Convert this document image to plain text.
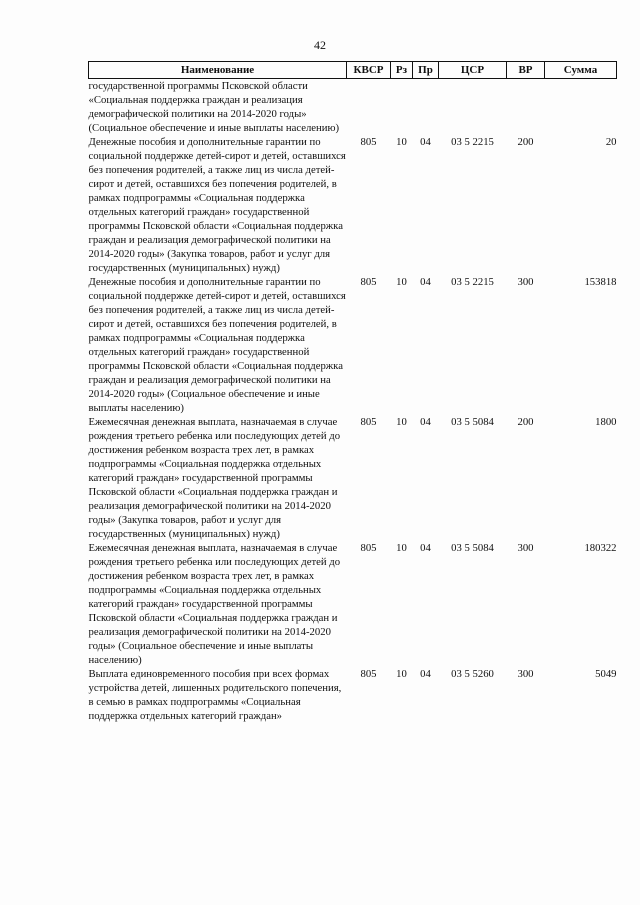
42
Наименование	КВСР	Рз	Пр	ЦСР	ВР	Сумма
государственной программы Псковской области «Социальная поддержка граждан и реализация демографической политики на 2014-2020 годы» (Социальное обеспечение и иные выплаты населению)						
Денежные пособия и дополнительные гарантии по социальной поддержке детей-сирот и детей, оставшихся без попечения родителей, а также лиц из числа детей-сирот и детей, оставшихся без попечения родителей, в рамках подпрограммы «Социальная поддержка отдельных категорий граждан» государственной программы Псковской области «Социальная поддержка граждан и реализация демографической политики на 2014-2020 годы» (Закупка товаров, работ и услуг для государственных (муниципальных) нужд)	805	10	04	03 5 2215	200	20
Денежные пособия и дополнительные гарантии по социальной поддержке детей-сирот и детей, оставшихся без попечения родителей, а также лиц из числа детей-сирот и детей, оставшихся без попечения родителей, в рамках подпрограммы «Социальная поддержка отдельных категорий граждан» государственной программы Псковской области «Социальная поддержка граждан и реализация демографической политики на 2014-2020 годы» (Социальное обеспечение и иные выплаты населению)	805	10	04	03 5 2215	300	153818
Ежемесячная денежная выплата, назначаемая в случае рождения третьего ребенка или последующих детей до достижения ребенком возраста трех лет, в рамках подпрограммы «Социальная поддержка отдельных категорий граждан» государственной программы Псковской области «Социальная поддержка граждан и реализация демографической политики на 2014-2020 годы» (Закупка товаров, работ и услуг для государственных (муниципальных) нужд)	805	10	04	03 5 5084	200	1800
Ежемесячная денежная выплата, назначаемая в случае рождения третьего ребенка или последующих детей до достижения ребенком возраста трех лет, в рамках подпрограммы «Социальная поддержка отдельных категорий граждан» государственной программы Псковской области «Социальная поддержка граждан и реализация демографической политики на 2014-2020 годы» (Социальное обеспечение и иные выплаты населению)	805	10	04	03 5 5084	300	180322
Выплата единовременного пособия при всех формах устройства детей, лишенных родительского попечения, в семью в рамках подпрограммы «Социальная поддержка отдельных категорий граждан»	805	10	04	03 5 5260	300	5049
